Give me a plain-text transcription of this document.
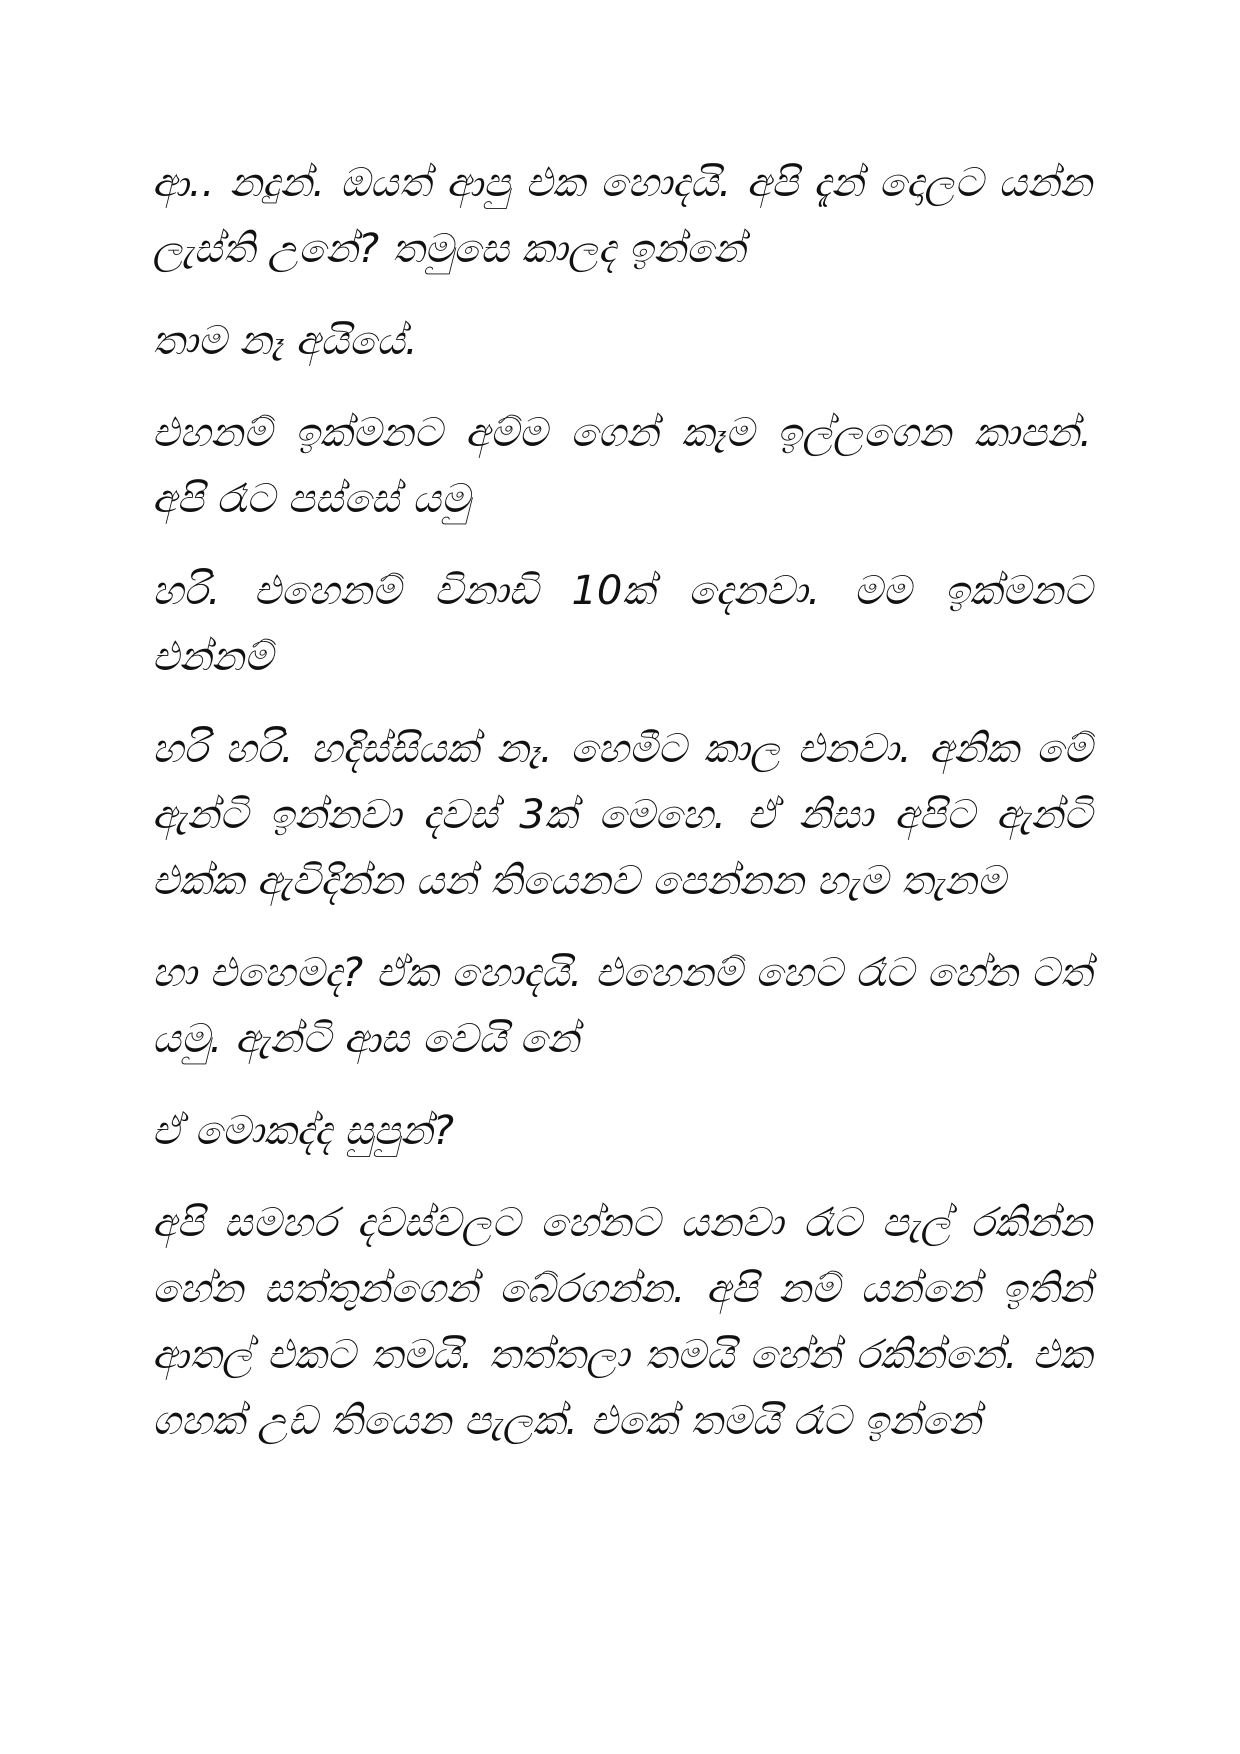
ආ.. නදුන්. ඔයත් ආපු එක හොදයි. අපි දැන් දොලට යන්න ලැස්ති උනේ? තමුසෙ කාලද ඉන්නේ

තාම නෑ අයියේ.

එහනම් ඉක්මනට අම්ම ගෙන් කෑම ඉල්ලගෙන කාපන්. අපි රෑට පස්සේ යමු

හරි. එහෙනම් විනාඩි 10ක් දෙනවා. මම ඉක්මනට එන්නම්

හරි හරි. හදිස්සියක් නෑ. හෙමීට කාල එනවා. අනික මේ ඇන්ටි ඉන්නවා දවස් 3ක් මෙහෙ. ඒ නිසා අපිට ඇන්ටි එක්ක ඇවිදින්න යන් තියෙනව පෙන්නන හැම තැනම

හා එහෙමද? ඒක හොදයි. එහෙනම් හෙට රෑට හේන ටත් යමු. ඇන්ටි ආස වෙයි නේ

ඒ මොකද්ද සුපුන්?

අපි සමහර දවස්වලට හේනට යනවා රෑට පැල් රකින්න හේන සත්තුන්ගෙන් බේරගන්න. අපි නම් යන්නේ ඉතින් ආතල් එකට තමයි. තත්තලා තමයි හේන් රකින්නේ. එක ගහක් උඩ තියෙන පැලක්. එකේ තමයි රෑට ඉන්නේ
